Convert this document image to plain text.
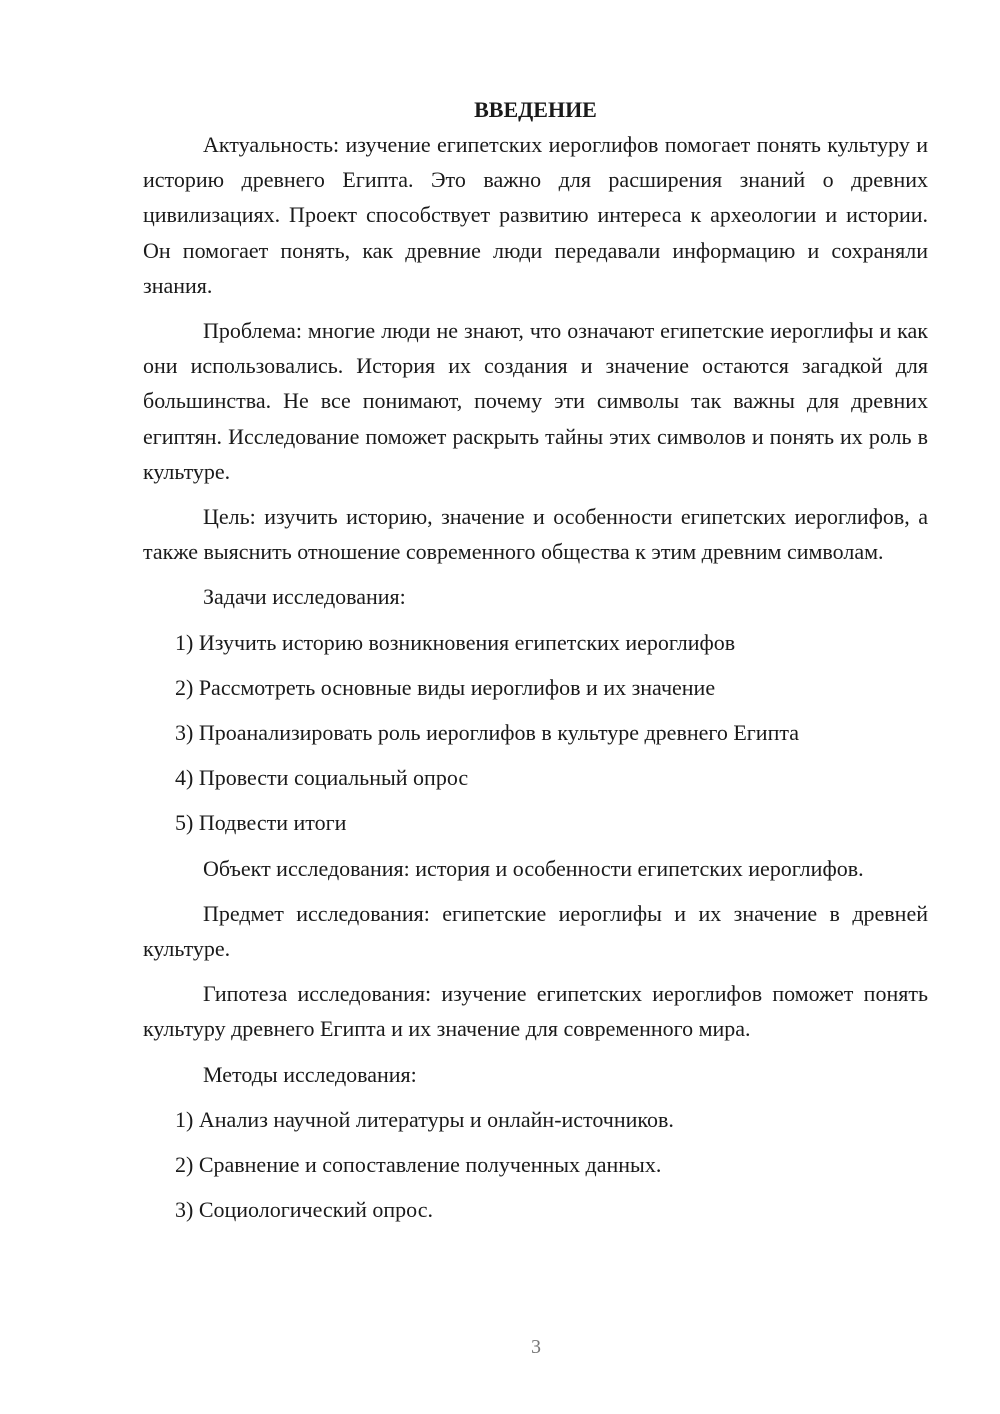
ВВЕДЕНИЕ

Актуальность: изучение египетских иероглифов помогает понять культуру и историю древнего Египта. Это важно для расширения знаний о древних цивилизациях. Проект способствует развитию интереса к археологии и истории. Он помогает понять, как древние люди передавали информацию и сохраняли знания.

Проблема: многие люди не знают, что означают египетские иероглифы и как они использовались. История их создания и значение остаются загадкой для большинства. Не все понимают, почему эти символы так важны для древних египтян. Исследование поможет раскрыть тайны этих символов и понять их роль в культуре.

Цель: изучить историю, значение и особенности египетских иероглифов, а также выяснить отношение современного общества к этим древним символам.

Задачи исследования:

1) Изучить историю возникновения египетских иероглифов
2) Рассмотреть основные виды иероглифов и их значение
3) Проанализировать роль иероглифов в культуре древнего Египта
4) Провести социальный опрос
5) Подвести итоги

Объект исследования: история и особенности египетских иероглифов.

Предмет исследования: египетские иероглифы и их значение в древней культуре.

Гипотеза исследования: изучение египетских иероглифов поможет понять культуру древнего Египта и их значение для современного мира.

Методы исследования:

1) Анализ научной литературы и онлайн-источников.
2) Сравнение и сопоставление полученных данных.
3) Социологический опрос.
3
